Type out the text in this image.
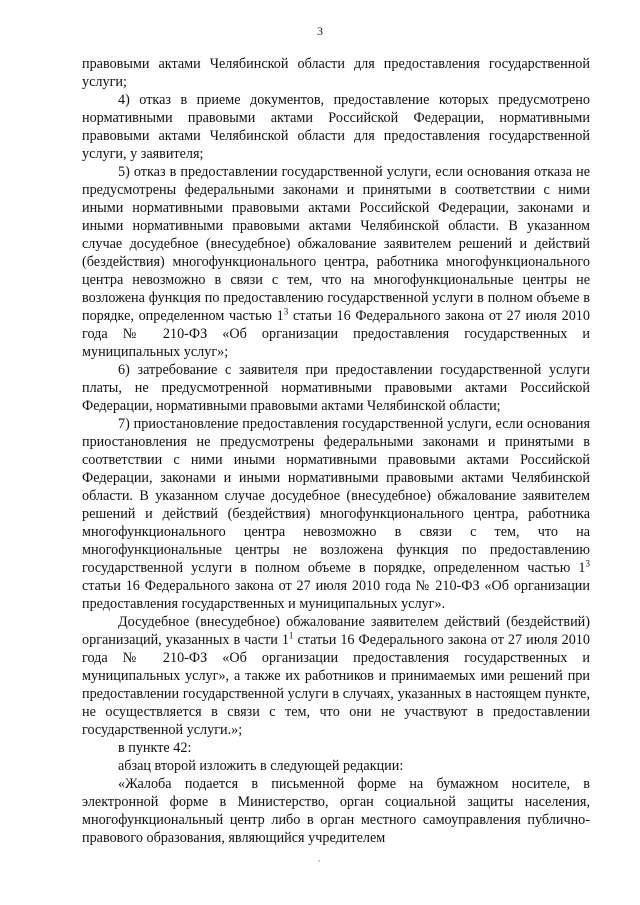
3

правовыми актами Челябинской области для предоставления государственной услуги;

4) отказ в приеме документов, предоставление которых предусмотрено нормативными правовыми актами Российской Федерации, нормативными правовыми актами Челябинской области для предоставления государственной услуги, у заявителя;

5) отказ в предоставлении государственной услуги, если основания отказа не предусмотрены федеральными законами и принятыми в соответствии с ними иными нормативными правовыми актами Российской Федерации, законами и иными нормативными правовыми актами Челябинской области. В указанном случае досудебное (внесудебное) обжалование заявителем решений и действий (бездействия) многофункционального центра, работника многофункционального центра невозможно в связи с тем, что на многофункциональные центры не возложена функция по предоставлению государственной услуги в полном объеме в порядке, определенном частью 1$^3$ статьи 16 Федерального закона от 27 июля 2010 года № 210-ФЗ «Об организации предоставления государственных и муниципальных услуг»;

6) затребование с заявителя при предоставлении государственной услуги платы, не предусмотренной нормативными правовыми актами Российской Федерации, нормативными правовыми актами Челябинской области;

7) приостановление предоставления государственной услуги, если основания приостановления не предусмотрены федеральными законами и принятыми в соответствии с ними иными нормативными правовыми актами Российской Федерации, законами и иными нормативными правовыми актами Челябинской области. В указанном случае досудебное (внесудебное) обжалование заявителем решений и действий (бездействия) многофункционального центра, работника многофункционального центра невозможно в связи с тем, что на многофункциональные центры не возложена функция по предоставлению государственной услуги в полном объеме в порядке, определенном частью 1$^3$ статьи 16 Федерального закона от 27 июля 2010 года № 210-ФЗ «Об организации предоставления государственных и муниципальных услуг».

Досудебное (внесудебное) обжалование заявителем действий (бездействий) организаций, указанных в части 1$^1$ статьи 16 Федерального закона от 27 июля 2010 года № 210-ФЗ «Об организации предоставления государственных и муниципальных услуг», а также их работников и принимаемых ими решений при предоставлении государственной услуги в случаях, указанных в настоящем пункте, не осуществляется в связи с тем, что они не участвуют в предоставлении государственной услуги.»;

в пункте 42:

абзац второй изложить в следующей редакции:

«Жалоба подается в письменной форме на бумажном носителе, в электронной форме в Министерство, орган социальной защиты населения, многофункциональный центр либо в орган местного самоуправления публично-правового образования, являющийся учредителем
